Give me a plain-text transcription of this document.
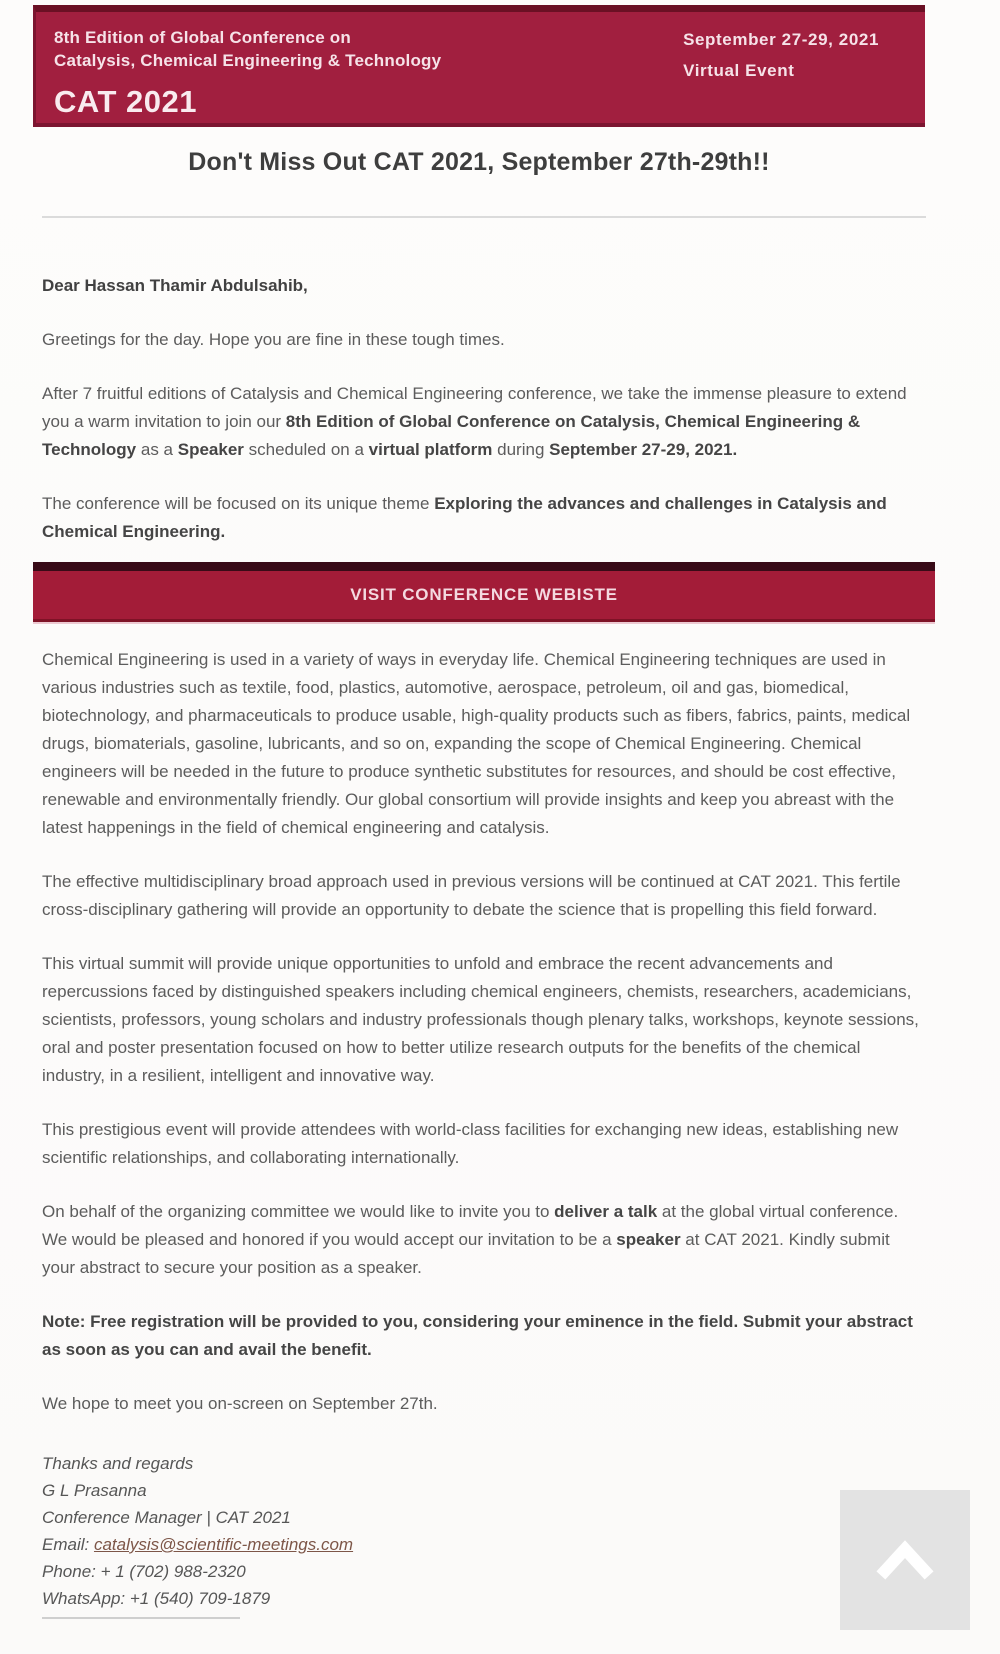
8th Edition of Global Conference on
Catalysis, Chemical Engineering & Technology
CAT 2021
September 27-29, 2021
Virtual Event
Don't Miss Out CAT 2021, September 27th-29th!!

Dear Hassan Thamir Abdulsahib,

Greetings for the day. Hope you are fine in these tough times.

After 7 fruitful editions of Catalysis and Chemical Engineering conference, we take the immense pleasure to extend you a warm invitation to join our 8th Edition of Global Conference on Catalysis, Chemical Engineering & Technology as a Speaker scheduled on a virtual platform during September 27-29, 2021.

The conference will be focused on its unique theme Exploring the advances and challenges in Catalysis and Chemical Engineering.

VISIT CONFERENCE WEBISTE

Chemical Engineering is used in a variety of ways in everyday life. Chemical Engineering techniques are used in various industries such as textile, food, plastics, automotive, aerospace, petroleum, oil and gas, biomedical, biotechnology, and pharmaceuticals to produce usable, high-quality products such as fibers, fabrics, paints, medical drugs, biomaterials, gasoline, lubricants, and so on, expanding the scope of Chemical Engineering. Chemical engineers will be needed in the future to produce synthetic substitutes for resources, and should be cost effective, renewable and environmentally friendly. Our global consortium will provide insights and keep you abreast with the latest happenings in the field of chemical engineering and catalysis.

The effective multidisciplinary broad approach used in previous versions will be continued at CAT 2021. This fertile cross-disciplinary gathering will provide an opportunity to debate the science that is propelling this field forward.

This virtual summit will provide unique opportunities to unfold and embrace the recent advancements and repercussions faced by distinguished speakers including chemical engineers, chemists, researchers, academicians, scientists, professors, young scholars and industry professionals though plenary talks, workshops, keynote sessions, oral and poster presentation focused on how to better utilize research outputs for the benefits of the chemical industry, in a resilient, intelligent and innovative way.

This prestigious event will provide attendees with world-class facilities for exchanging new ideas, establishing new scientific relationships, and collaborating internationally.

On behalf of the organizing committee we would like to invite you to deliver a talk at the global virtual conference. We would be pleased and honored if you would accept our invitation to be a speaker at CAT 2021. Kindly submit your abstract to secure your position as a speaker.

Note: Free registration will be provided to you, considering your eminence in the field. Submit your abstract as soon as you can and avail the benefit.

We hope to meet you on-screen on September 27th.

Thanks and regards

G L Prasanna

Conference Manager | CAT 2021

Email: catalysis@scientific-meetings.com

Phone: + 1 (702) 988-2320

WhatsApp: +1 (540) 709-1879
